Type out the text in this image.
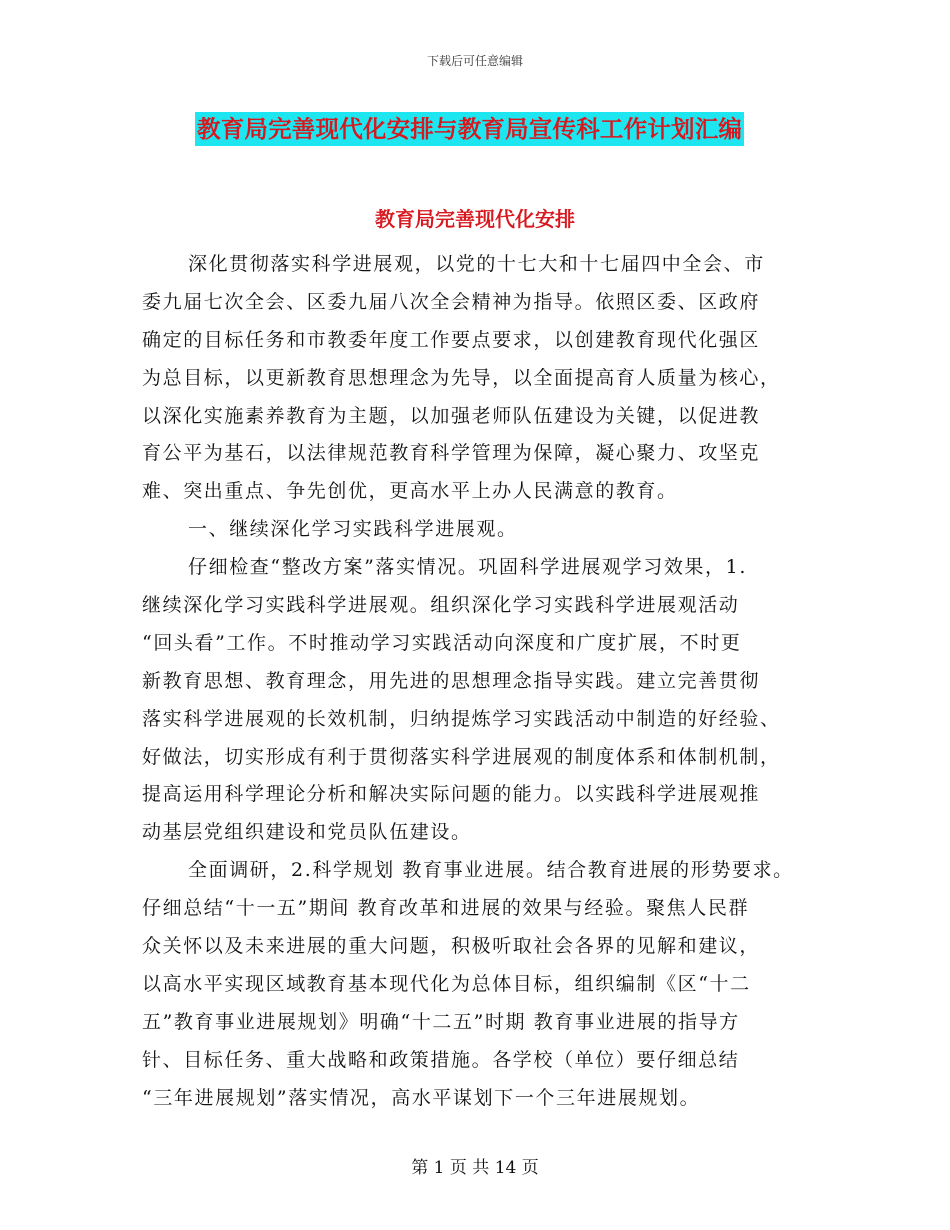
下载后可任意编辑
教育局完善现代化安排与教育局宣传科工作计划汇编
教育局完善现代化安排
深化贯彻落实科学进展观，以党的十七大和十七届四中全会、市
委九届七次全会、区委九届八次全会精神为指导。依照区委、区政府
确定的目标任务和市教委年度工作要点要求，以创建教育现代化强区
为总目标，以更新教育思想理念为先导，以全面提高育人质量为核心，
以深化实施素养教育为主题，以加强老师队伍建设为关键，以促进教
育公平为基石，以法律规范教育科学管理为保障，凝心聚力、攻坚克
难、突出重点、争先创优，更高水平上办人民满意的教育。
一、继续深化学习实践科学进展观。
仔细检查“整改方案”落实情况。巩固科学进展观学习效果，1.
继续深化学习实践科学进展观。组织深化学习实践科学进展观活动
“回头看”工作。不时推动学习实践活动向深度和广度扩展，不时更
新教育思想、教育理念，用先进的思想理念指导实践。建立完善贯彻
落实科学进展观的长效机制，归纳提炼学习实践活动中制造的好经验、
好做法，切实形成有利于贯彻落实科学进展观的制度体系和体制机制，
提高运用科学理论分析和解决实际问题的能力。以实践科学进展观推
动基层党组织建设和党员队伍建设。
全面调研，2.科学规划 教育事业进展。结合教育进展的形势要求。
仔细总结“十一五”期间 教育改革和进展的效果与经验。聚焦人民群
众关怀以及未来进展的重大问题，积极听取社会各界的见解和建议，
以高水平实现区域教育基本现代化为总体目标，组织编制《区“十二
五”教育事业进展规划》明确“十二五”时期 教育事业进展的指导方
针、目标任务、重大战略和政策措施。各学校（单位）要仔细总结
“三年进展规划”落实情况，高水平谋划下一个三年进展规划。
第 1 页 共 14 页
